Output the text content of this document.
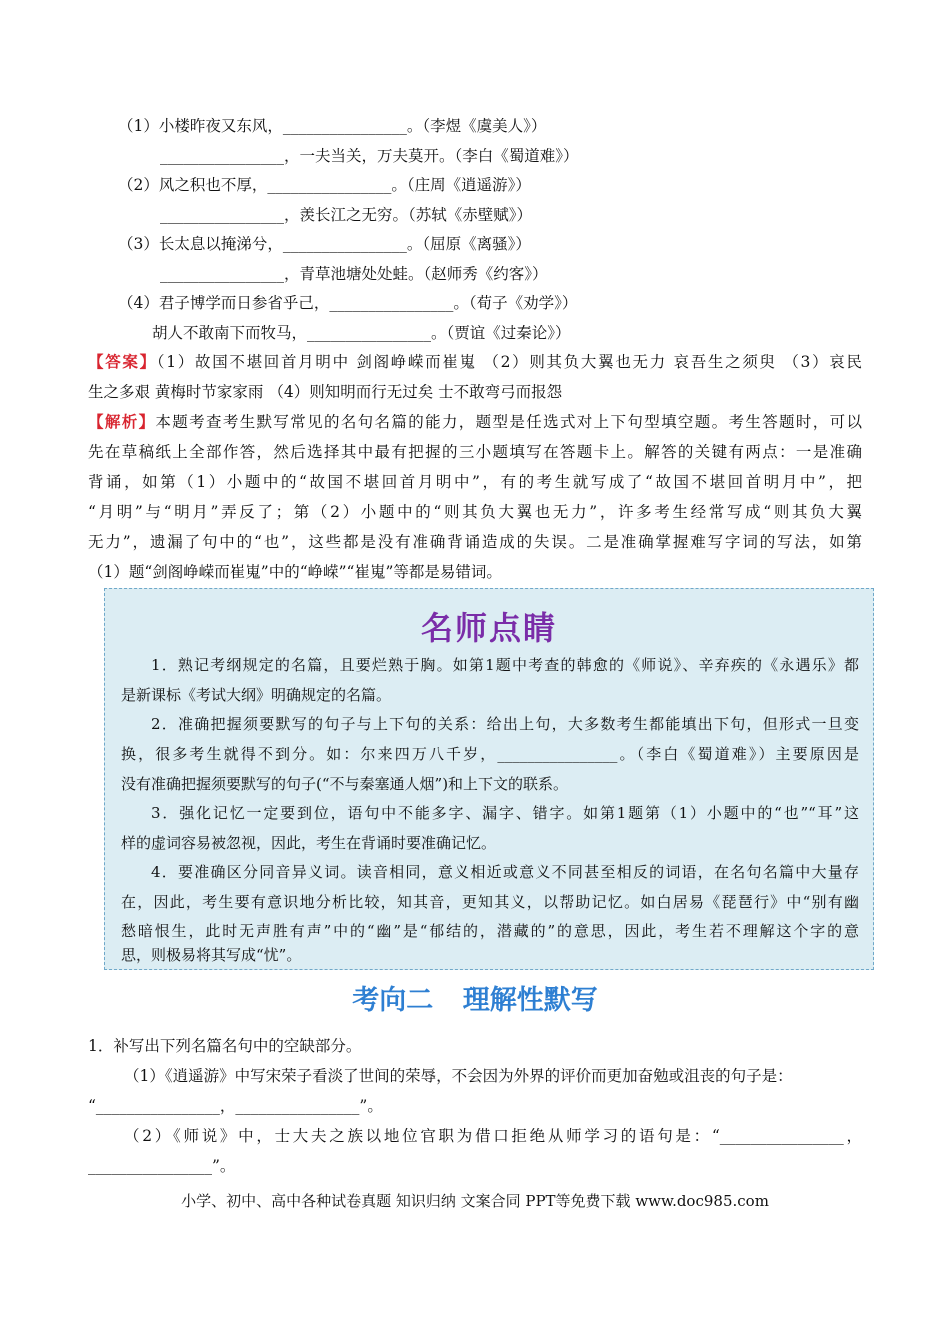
（1）小楼昨夜又东风，________________。（李煜《虞美人》）
________________，一夫当关，万夫莫开。（李白《蜀道难》）
（2）风之积也不厚，________________。（庄周《逍遥游》）
________________，羡长江之无穷。（苏轼《赤壁赋》）
（3）长太息以掩涕兮，________________。（屈原《离骚》）
________________，青草池塘处处蛙。（赵师秀《约客》）
（4）君子博学而日参省乎己，________________。（荀子《劝学》）
胡人不敢南下而牧马，________________。（贾谊《过秦论》）
【答案】（1）故国不堪回首月明中 剑阁峥嵘而崔嵬 （2）则其负大翼也无力 哀吾生之须臾 （3）哀民
生之多艰 黄梅时节家家雨 （4）则知明而行无过矣 士不敢弯弓而报怨
【解析】本题考查考生默写常见的名句名篇的能力，题型是任选式对上下句型填空题。考生答题时，可以
先在草稿纸上全部作答，然后选择其中最有把握的三小题填写在答题卡上。解答的关键有两点：一是准确
背诵，如第（1）小题中的“故国不堪回首月明中”，有的考生就写成了“故国不堪回首明月中”，把
“月明”与“明月”弄反了；第（2）小题中的“则其负大翼也无力”，许多考生经常写成“则其负大翼
无力”，遗漏了句中的“也”，这些都是没有准确背诵造成的失误。二是准确掌握难写字词的写法，如第
（1）题“剑阁峥嵘而崔嵬”中的“峥嵘”“崔嵬”等都是易错词。
名师点睛
1．熟记考纲规定的名篇，且要烂熟于胸。如第1题中考查的韩愈的《师说》、辛弃疾的《永遇乐》都
是新课标《考试大纲》明确规定的名篇。
2．准确把握须要默写的句子与上下句的关系：给出上句，大多数考生都能填出下句，但形式一旦变
换，很多考生就得不到分。如：尔来四万八千岁，________________。（李白《蜀道难》）主要原因是
没有准确把握须要默写的句子(“不与秦塞通人烟”)和上下文的联系。
3．强化记忆一定要到位，语句中不能多字、漏字、错字。如第1题第（1）小题中的“也”“耳”这
样的虚词容易被忽视，因此，考生在背诵时要准确记忆。
4．要准确区分同音异义词。读音相同，意义相近或意义不同甚至相反的词语，在名句名篇中大量存
在，因此，考生要有意识地分析比较，知其音，更知其义，以帮助记忆。如白居易《琵琶行》中“别有幽
愁暗恨生，此时无声胜有声”中的“幽”是“郁结的，潜藏的”的意思，因此，考生若不理解这个字的意
思，则极易将其写成“忧”。
考向二 理解性默写
1．补写出下列名篇名句中的空缺部分。
（1）《逍遥游》中写宋荣子看淡了世间的荣辱，不会因为外界的评价而更加奋勉或沮丧的句子是：
“________________，________________”。
（2）《师说》中，士大夫之族以地位官职为借口拒绝从师学习的语句是：“________________，
________________”。
小学、初中、高中各种试卷真题 知识归纳 文案合同 PPT等免费下载 www.doc985.com
